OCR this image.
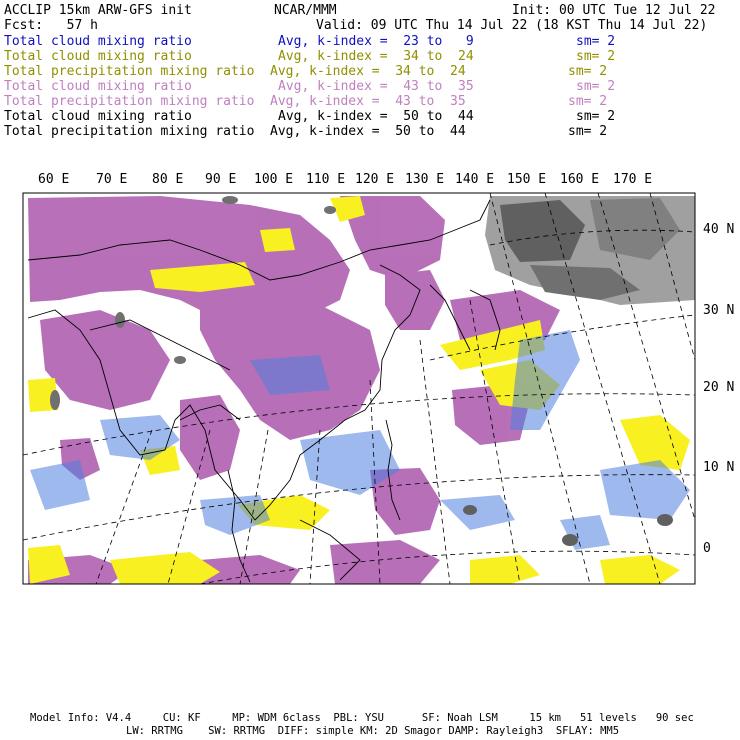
ACCLIP 15km ARW-GFS init	NCAR/MMM	Init: 00 UTC Tue 12 Jul 22
Fcst:   57 h	Valid: 09 UTC Thu 14 Jul 22 (18 KST Thu 14 Jul 22)
Total cloud mixing ratio	Avg, k-index =  23 to   9	sm= 2
Total cloud mixing ratio	Avg, k-index =  34 to  24	sm= 2
Total precipitation mixing ratio Avg, k-index =  34 to  24	sm= 2
Total cloud mixing ratio	Avg, k-index =  43 to  35	sm= 2
Total precipitation mixing ratio Avg, k-index =  43 to  35	sm= 2
Total cloud mixing ratio	Avg, k-index =  50 to  44	sm= 2
Total precipitation mixing ratio Avg, k-index =  50 to  44	sm= 2
60 E 70 E 80 E 90 E 100 E 110 E 120 E 130 E 140 E 150 E 160 E 170 E
40 N
30 N
20 N
10 N
0
Model Info: V4.4     CU: KF     MP: WDM 6class  PBL: YSU      SF: Noah LSM     15 km   51 levels   90 sec
LW: RRTMG    SW: RRTMG  DIFF: simple KM: 2D Smagor DAMP: Rayleigh3  SFLAY: MM5
